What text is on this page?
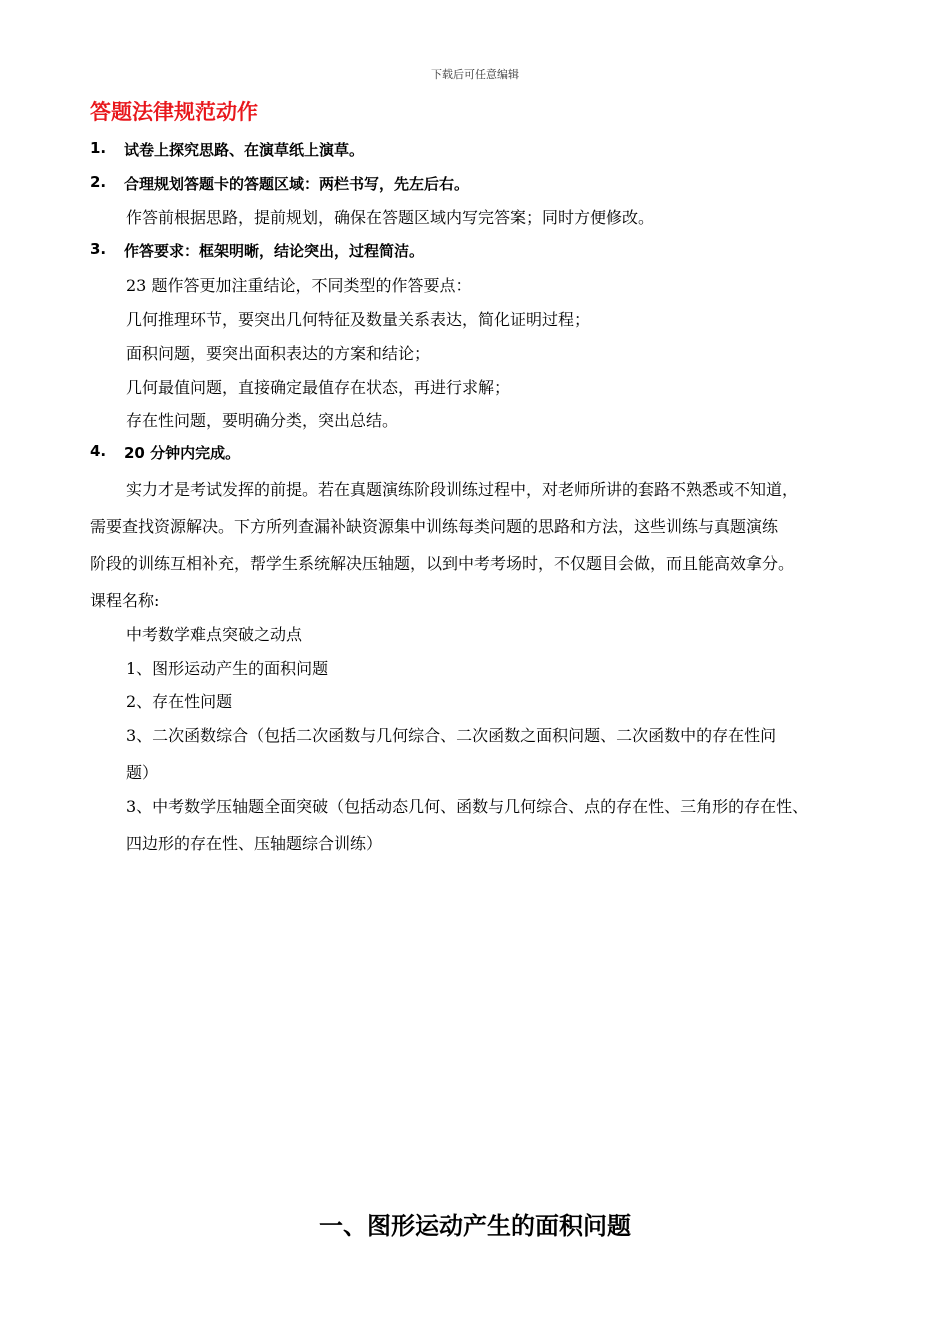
下载后可任意编辑
答题法律规范动作
1. 试卷上探究思路、在演草纸上演草。
2. 合理规划答题卡的答题区域：两栏书写，先左后右。
作答前根据思路，提前规划，确保在答题区域内写完答案；同时方便修改。
3. 作答要求：框架明晰，结论突出，过程简洁。
23 题作答更加注重结论，不同类型的作答要点：
几何推理环节，要突出几何特征及数量关系表达，简化证明过程；
面积问题，要突出面积表达的方案和结论；
几何最值问题，直接确定最值存在状态，再进行求解；
存在性问题，要明确分类，突出总结。
4. 20 分钟内完成。
实力才是考试发挥的前提。若在真题演练阶段训练过程中，对老师所讲的套路不熟悉或不知道，
需要查找资源解决。下方所列查漏补缺资源集中训练每类问题的思路和方法，这些训练与真题演练
阶段的训练互相补充，帮学生系统解决压轴题，以到中考考场时，不仅题目会做，而且能高效拿分。
课程名称:
中考数学难点突破之动点
1、图形运动产生的面积问题
2、存在性问题
3、二次函数综合（包括二次函数与几何综合、二次函数之面积问题、二次函数中的存在性问
题）
3、中考数学压轴题全面突破（包括动态几何、函数与几何综合、点的存在性、三角形的存在性、
四边形的存在性、压轴题综合训练）
一、图形运动产生的面积问题
